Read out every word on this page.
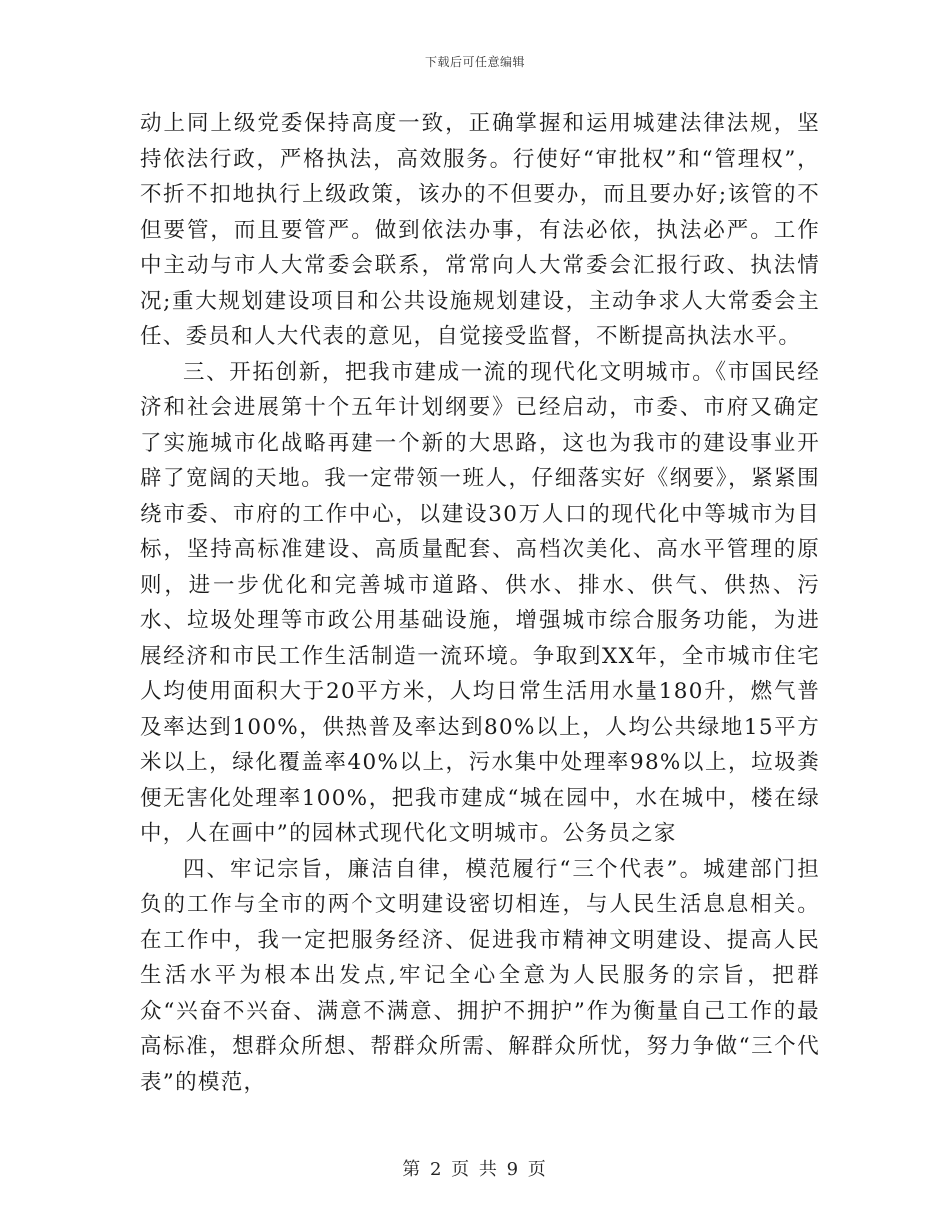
下载后可任意编辑

动上同上级党委保持高度一致，正确掌握和运用城建法律法规，坚持依法行政，严格执法，高效服务。行使好“审批权”和“管理权”，不折不扣地执行上级政策，该办的不但要办，而且要办好;该管的不但要管，而且要管严。做到依法办事，有法必依，执法必严。工作中主动与市人大常委会联系，常常向人大常委会汇报行政、执法情况;重大规划建设项目和公共设施规划建设，主动争求人大常委会主任、委员和人大代表的意见，自觉接受监督，不断提高执法水平。

三、开拓创新，把我市建成一流的现代化文明城市。《市国民经济和社会进展第十个五年计划纲要》已经启动，市委、市府又确定了实施城市化战略再建一个新的大思路，这也为我市的建设事业开辟了宽阔的天地。我一定带领一班人，仔细落实好《纲要》，紧紧围绕市委、市府的工作中心，以建设30万人口的现代化中等城市为目标，坚持高标准建设、高质量配套、高档次美化、高水平管理的原则，进一步优化和完善城市道路、供水、排水、供气、供热、污水、垃圾处理等市政公用基础设施，增强城市综合服务功能，为进展经济和市民工作生活制造一流环境。争取到XX年，全市城市住宅人均使用面积大于20平方米，人均日常生活用水量180升，燃气普及率达到100%，供热普及率达到80%以上，人均公共绿地15平方米以上，绿化覆盖率40%以上，污水集中处理率98%以上，垃圾粪便无害化处理率100%，把我市建成“城在园中，水在城中，楼在绿中，人在画中”的园林式现代化文明城市。公务员之家

四、牢记宗旨，廉洁自律，模范履行“三个代表”。城建部门担负的工作与全市的两个文明建设密切相连，与人民生活息息相关。在工作中，我一定把服务经济、促进我市精神文明建设、提高人民生活水平为根本出发点,牢记全心全意为人民服务的宗旨，把群众“兴奋不兴奋、满意不满意、拥护不拥护”作为衡量自己工作的最高标准，想群众所想、帮群众所需、解群众所忧，努力争做“三个代表”的模范，

第 2 页 共 9 页
